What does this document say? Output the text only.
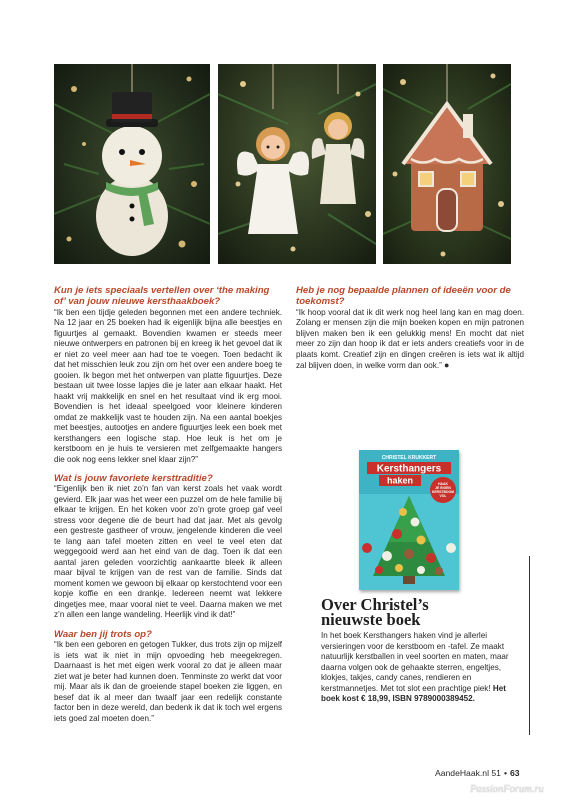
Kun je iets speciaals vertellen over ‘the making of’ van jouw nieuwe kersthaakboek?

“Ik ben een tijdje geleden begonnen met een andere techniek. Na 12 jaar en 25 boeken had ik eigenlijk bijna alle beestjes en figuurtjes al gemaakt. Bovendien kwamen er steeds meer nieuwe ontwerpers en patronen bij en kreeg ik het gevoel dat ik er niet zo veel meer aan had toe te voegen. Toen bedacht ik dat het misschien leuk zou zijn om het over een andere boeg te gooien. Ik begon met het ontwerpen van platte figuurtjes. Deze bestaan uit twee losse lapjes die je later aan elkaar haakt. Het haakt vrij makkelijk en snel en het resultaat vind ik erg mooi. Bovendien is het ideaal speelgoed voor kleinere kinderen omdat ze makkelijk vast te houden zijn. Na een aantal boekjes met beestjes, autootjes en andere figuurtjes leek een boek met kersthangers een logische stap. Hoe leuk is het om je kerstboom en je huis te versieren met zelfgemaakte hangers die ook nog eens lekker snel klaar zijn?”

Wat is jouw favoriete kersttraditie?

“Eigenlijk ben ik niet zo’n fan van kerst zoals het vaak wordt gevierd. Elk jaar was het weer een puzzel om de hele familie bij elkaar te krijgen. En het koken voor zo’n grote groep gaf veel stress voor degene die de beurt had dat jaar. Met als gevolg een gestreste gastheer of vrouw, jengelende kinderen die veel te lang aan tafel moeten zitten en veel te veel eten dat weggegooid werd aan het eind van de dag. Toen ik dat een aantal jaren geleden voorzichtig aankaartte bleek ik alleen maar bijval te krijgen van de rest van de familie. Sinds dat moment komen we gewoon bij elkaar op kerstochtend voor een kopje koffie en een drankje. Iedereen neemt wat lekkere dingetjes mee, maar vooral niet te veel. Daarna maken we met z’n allen een lange wandeling. Heerlijk vind ik dat!”

Waar ben jij trots op?

“Ik ben een geboren en getogen Tukker, dus trots zijn op mijzelf is iets wat ik niet in mijn opvoeding heb meegekregen. Daarnaast is het met eigen werk vooral zo dat je alleen maar ziet wat je beter had kunnen doen. Tenminste zo werkt dat voor mij. Maar als ik dan de groeiende stapel boeken zie liggen, en besef dat ik al meer dan twaalf jaar een redelijk constante factor ben in deze wereld, dan bedenk ik dat ik toch wel ergens iets goed zal moeten doen.”

Heb je nog bepaalde plannen of ideeën voor de toekomst?

“Ik hoop vooral dat ik dit werk nog heel lang kan en mag doen. Zolang er mensen zijn die mijn boeken kopen en mijn patronen blijven maken ben ik een gelukkig mens! En mocht dat niet meer zo zijn dan hoop ik dat er iets anders creatiefs voor in de plaats komt. Creatief zijn en dingen creëren is iets wat ik altijd zal blijven doen, in welke vorm dan ook.” ●

CHRISTEL KRUKKERT
Kersthangers
haken	HAAK
JE EIGEN
KERSTBOOM
VOL
Over Christel’s
nieuwste boek

In het boek Kersthangers haken vind je allerlei versieringen voor de kerstboom en -tafel. Ze maakt natuurlijk kerstballen in veel soorten en maten, maar daarna volgen ook de gehaakte sterren, engeltjes, klokjes, takjes, candy canes, rendieren en kerstmannetjes. Met tot slot een prachtige piek! Het boek kost € 18,99, ISBN 9789000389452.

AandeHaak.nl 51 • 63
PassionForum.ru
